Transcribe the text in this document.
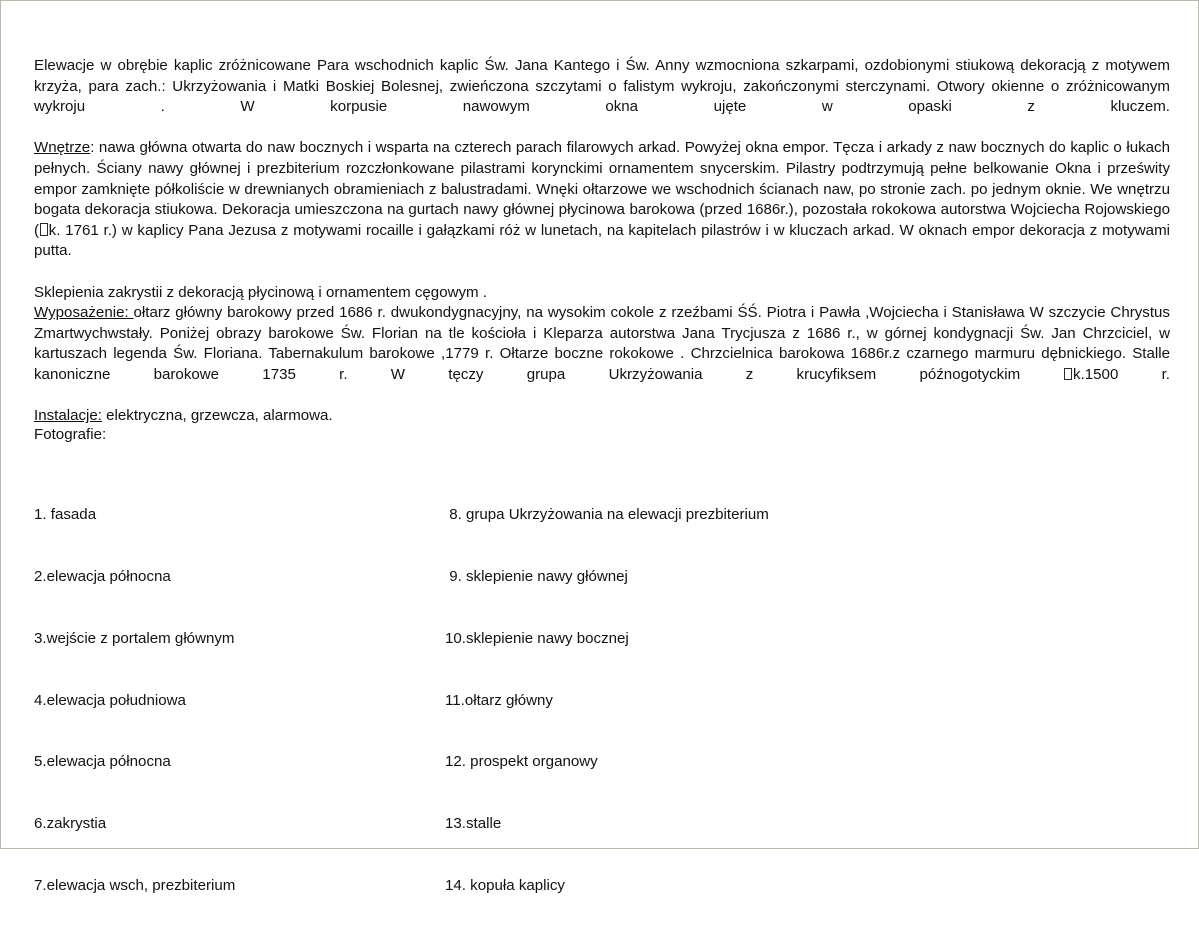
Elewacje w obrębie kaplic zróżnicowane Para wschodnich kaplic Św. Jana Kantego i Św. Anny wzmocniona szkarpami, ozdobionymi stiukową dekoracją z motywem krzyża, para zach.: Ukrzyżowania i Matki Boskiej Bolesnej, zwieńczona szczytami o falistym wykroju, zakończonymi sterczynami. Otwory okienne o zróżnicowanym wykroju . W korpusie nawowym okna ujęte w opaski z kluczem.

Wnętrze: nawa główna otwarta do naw bocznych i wsparta na czterech parach filarowych arkad. Powyżej okna empor. Tęcza i arkady z naw bocznych do kaplic o łukach pełnych. Ściany nawy głównej i prezbiterium rozczłonkowane pilastrami korynckimi ornamentem snycerskim. Pilastry podtrzymują pełne belkowanie Okna i prześwity empor zamknięte półkoliście w drewnianych obramieniach z balustradami. Wnęki ołtarzowe we wschodnich ścianach naw, po stronie zach. po jednym oknie. We wnętrzu bogata dekoracja stiukowa. Dekoracja umieszczona na gurtach nawy głównej płycinowa barokowa (przed 1686r.), pozostała rokokowa autorstwa Wojciecha Rojowskiego ( k. 1761 r.) w kaplicy Pana Jezusa z motywami rocaille i gałązkami róż w lunetach, na kapitelach pilastrów i w kluczach arkad. W oknach empor dekoracja z motywami putta.

Sklepienia zakrystii z dekoracją płycinową i ornamentem cęgowym .

Wyposażenie: ołtarz główny barokowy przed 1686 r. dwukondygnacyjny, na wysokim cokole z rzeźbami ŚŚ. Piotra i Pawła ,Wojciecha i Stanisława W szczycie Chrystus Zmartwychwstały. Poniżej obrazy barokowe Św. Florian na tle kościoła i Kleparza autorstwa Jana Trycjusza z 1686 r., w górnej kondygnacji Św. Jan Chrzciciel, w kartuszach legenda Św. Floriana. Tabernakulum barokowe ,1779 r. Ołtarze boczne rokokowe . Chrzcielnica barokowa 1686r.z czarnego marmuru dębnickiego. Stalle kanoniczne barokowe 1735 r. W tęczy grupa Ukrzyżowania z krucyfiksem późnogotyckim k.1500 r.

Instalacje: elektryczna, grzewcza, alarmowa.

Fotografie:

1. fasada

2.elewacja północna

3.wejście z portalem głównym

4.elewacja południowa

5.elewacja północna

6.zakrystia

7.elewacja wsch, prezbiterium

8. grupa Ukrzyżowania na elewacji prezbiterium

9. sklepienie nawy głównej

10.sklepienie nawy bocznej

11.ołtarz główny

12. prospekt organowy

13.stalle

14. kopuła kaplicy
